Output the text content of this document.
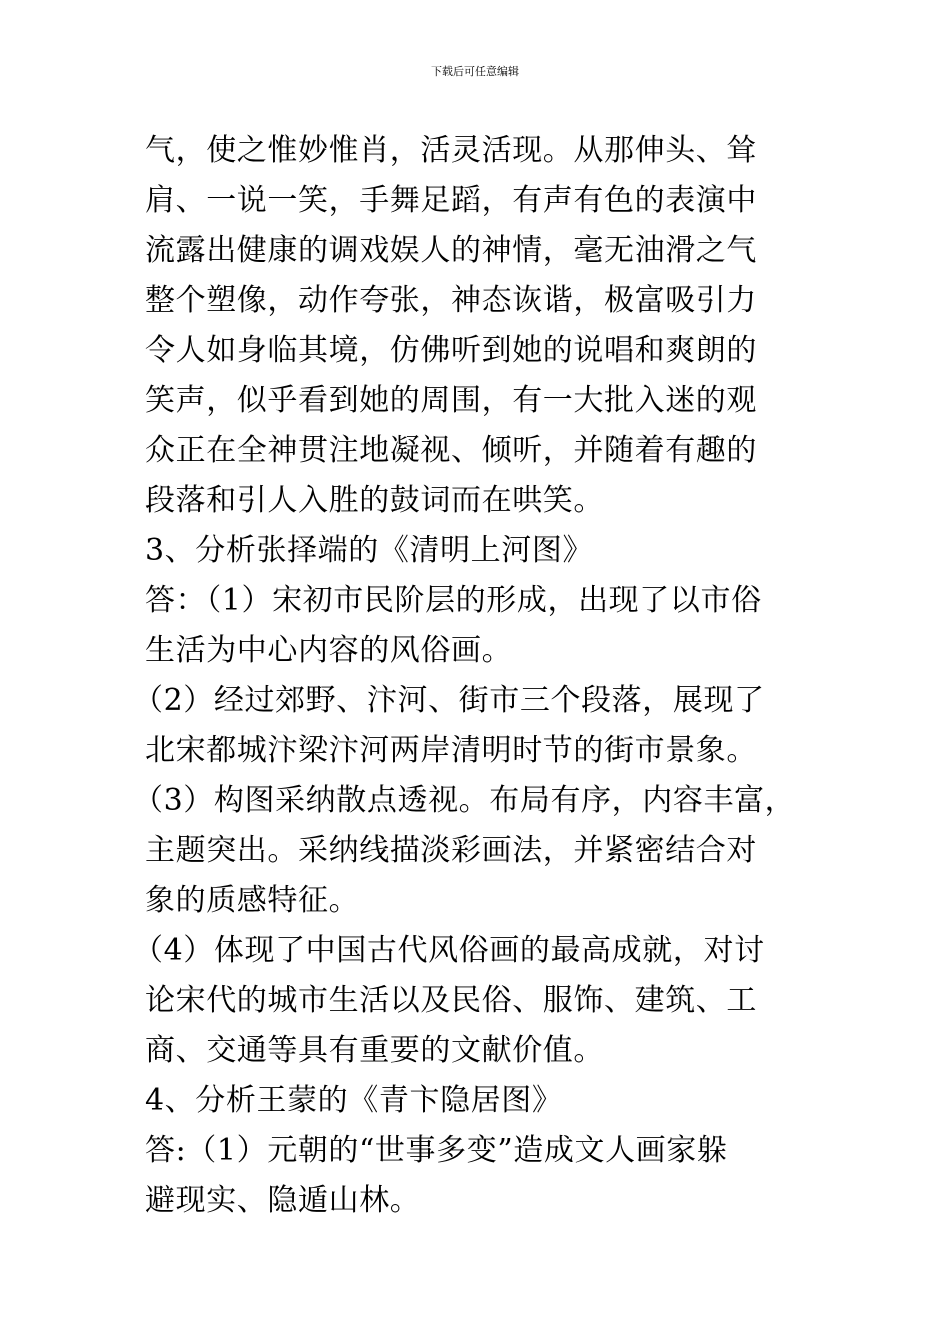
下载后可任意编辑
气，使之惟妙惟肖，活灵活现。从那伸头、耸
肩、一说一笑，手舞足蹈，有声有色的表演中
流露出健康的调戏娱人的神情，毫无油滑之气
整个塑像，动作夸张，神态诙谐，极富吸引力
令人如身临其境，仿佛听到她的说唱和爽朗的
笑声，似乎看到她的周围，有一大批入迷的观
众正在全神贯注地凝视、倾听，并随着有趣的
段落和引人入胜的鼓词而在哄笑。
3、分析张择端的《清明上河图》
答：（1）宋初市民阶层的形成，出现了以市俗
生活为中心内容的风俗画。
（2）经过郊野、汴河、街市三个段落，展现了
北宋都城汴梁汴河两岸清明时节的街市景象。
（3）构图采纳散点透视。布局有序，内容丰富，
主题突出。采纳线描淡彩画法，并紧密结合对
象的质感特征。
（4）体现了中国古代风俗画的最高成就，对讨
论宋代的城市生活以及民俗、服饰、建筑、工
商、交通等具有重要的文献价值。
4、分析王蒙的《青卞隐居图》
答:（1）元朝的“世事多变”造成文人画家躲
避现实、隐遁山林。
